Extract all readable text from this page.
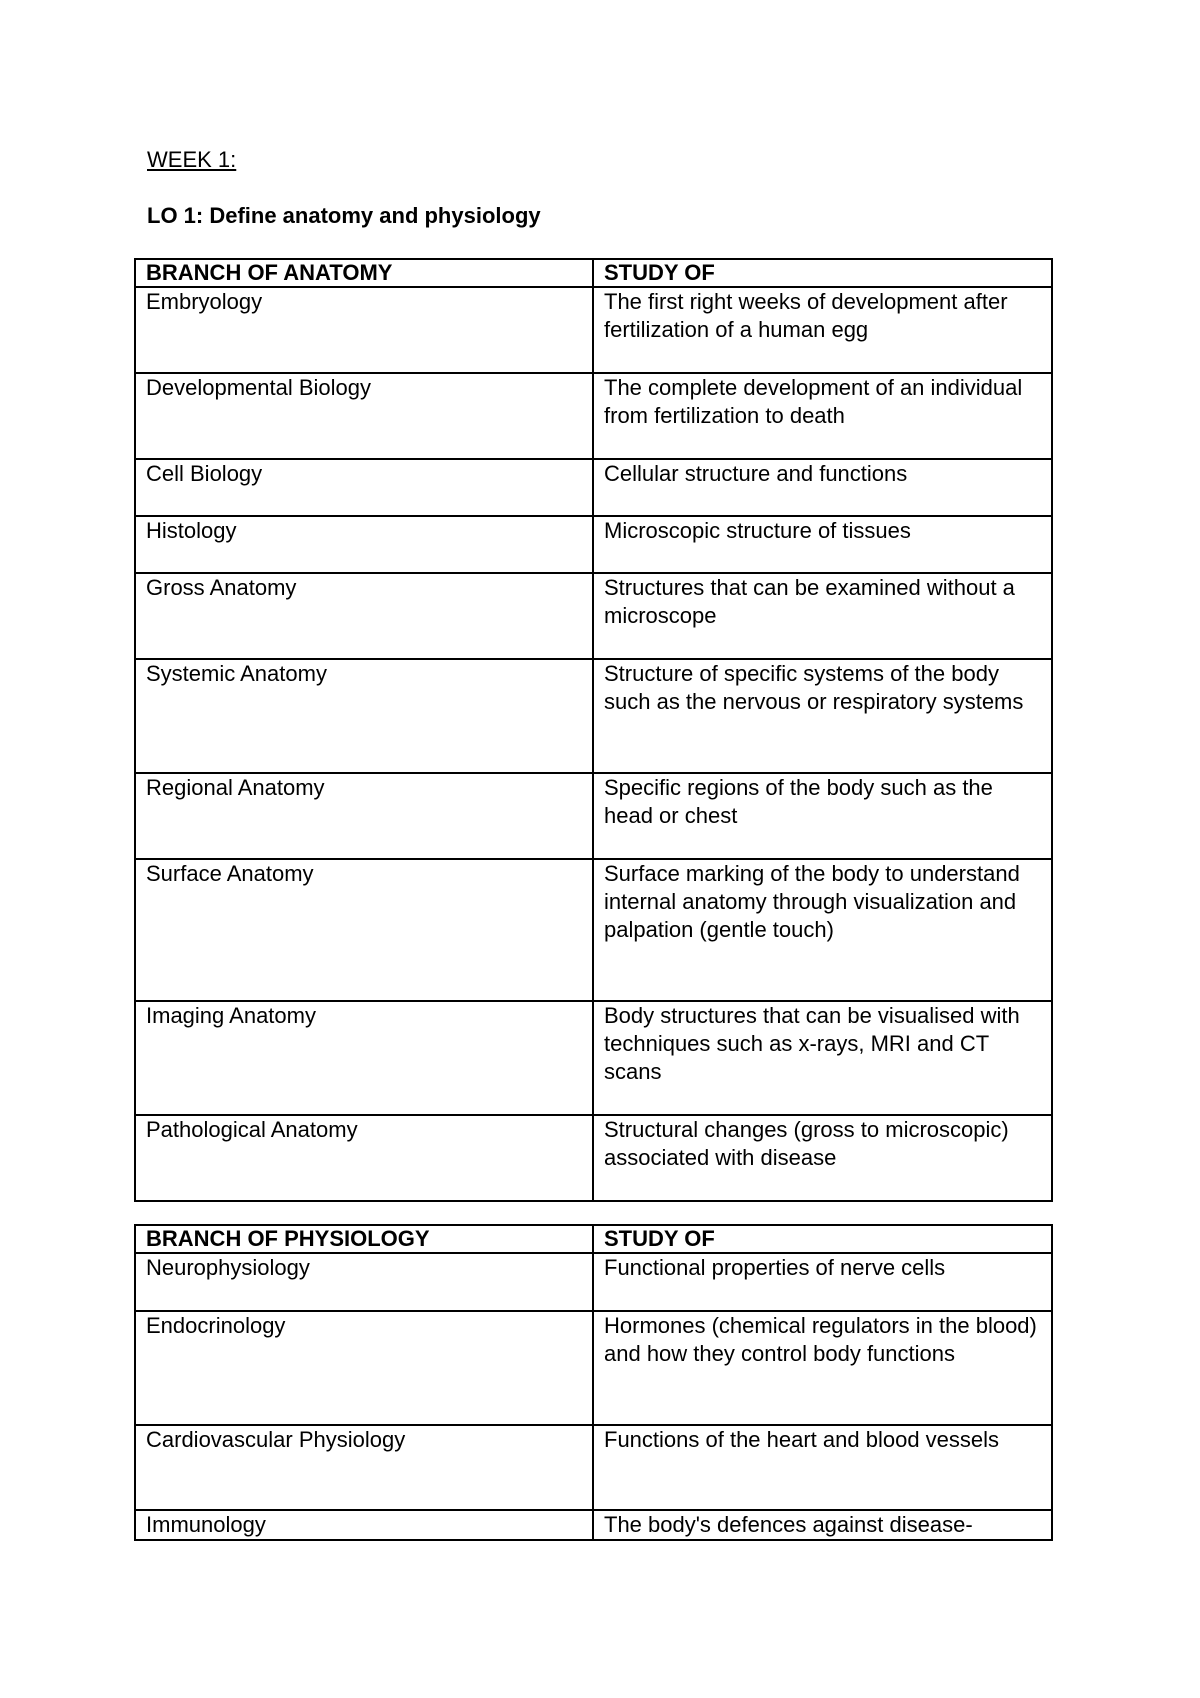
WEEK 1:
LO 1: Define anatomy and physiology
BRANCH OF ANATOMY	STUDY OF
Embryology	The first right weeks of development after fertilization of a human egg
Developmental Biology	The complete development of an individual from fertilization to death
Cell Biology	Cellular structure and functions
Histology	Microscopic structure of tissues
Gross Anatomy	Structures that can be examined without a microscope
Systemic Anatomy	Structure of specific systems of the body such as the nervous or respiratory systems
Regional Anatomy	Specific regions of the body such as the head or chest
Surface Anatomy	Surface marking of the body to understand internal anatomy through visualization and palpation (gentle touch)
Imaging Anatomy	Body structures that can be visualised with techniques such as x-rays, MRI and CT scans
Pathological Anatomy	Structural changes (gross to microscopic) associated with disease
BRANCH OF PHYSIOLOGY	STUDY OF
Neurophysiology	Functional properties of nerve cells
Endocrinology	Hormones (chemical regulators in the blood) and how they control body functions
Cardiovascular Physiology	Functions of the heart and blood vessels
Immunology	The body's defences against disease-
